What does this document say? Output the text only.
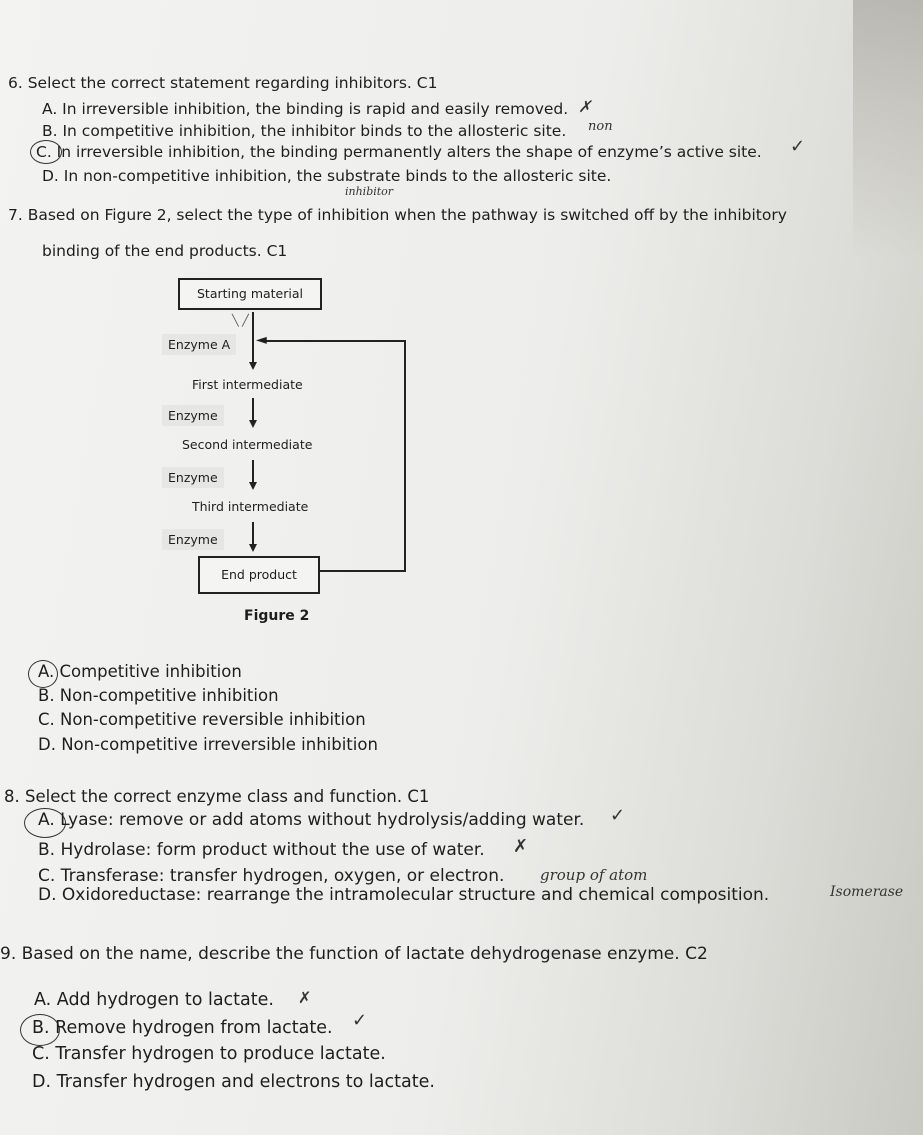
6. Select the correct statement regarding inhibitors. C1
A. In irreversible inhibition, the binding is rapid and easily removed. ✗
B. In competitive inhibition, the inhibitor binds to the allosteric site. non
C. In irreversible inhibition, the binding permanently alters the shape of enzyme’s active site. ✓
D. In non-competitive inhibition, the substrate binds to the allosteric site.
inhibitor
7. Based on Figure 2, select the type of inhibition when the pathway is switched off by the inhibitory
binding of the end products. C1
Starting material
╲ ╱
Enzyme A	◄
First intermediate
Enzyme
Second intermediate
Enzyme
Third intermediate
Enzyme
End product
Figure 2
A. Competitive inhibition
B. Non-competitive inhibition
C. Non-competitive reversible inhibition
D. Non-competitive irreversible inhibition
8. Select the correct enzyme class and function. C1
A. Lyase: remove or add atoms without hydrolysis/adding water. ✓
B. Hydrolase: form product without the use of water. ✗
C. Transferase: transfer hydrogen, oxygen, or electron. group of atom
D. Oxidoreductase: rearrange the intramolecular structure and chemical composition.	Isomerase
9. Based on the name, describe the function of lactate dehydrogenase enzyme. C2
A. Add hydrogen to lactate. ✗
B. Remove hydrogen from lactate. ✓
C. Transfer hydrogen to produce lactate.
D. Transfer hydrogen and electrons to lactate.
